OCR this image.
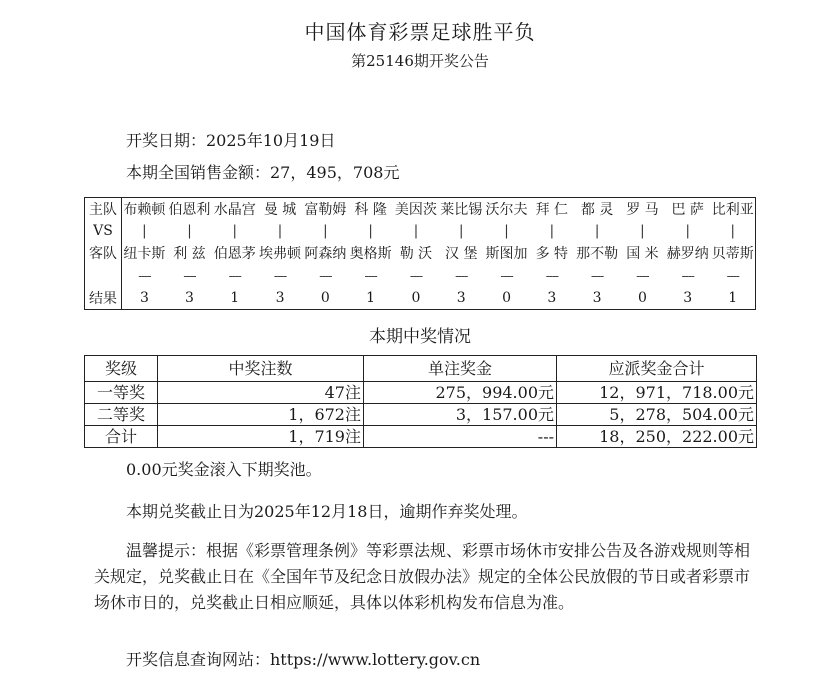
中国体育彩票足球胜平负
第25146期开奖公告
开奖日期：2025年10月19日
本期全国销售金额：27，495，708元
主队	布赖顿	伯恩利	水晶宫	曼 城	富勒姆	科 隆	美因茨	莱比锡	沃尔夫	拜 仁	都 灵	罗 马	巴 萨	比利亚
VS	|	|	|	|	|	|	|	|	|	|	|	|	|	|
客队	纽卡斯	利 兹	伯恩茅	埃弗顿	阿森纳	奥格斯	勒 沃	汉 堡	斯图加	多 特	那不勒	国 米	赫罗纳	贝蒂斯
	----	----	----	----	----	----	----	----	----	----	----	----	----	----
结果	3	3	1	3	0	1	0	3	0	3	3	0	3	1
本期中奖情况
奖级	中奖注数	单注奖金	应派奖金合计
一等奖	47注	275，994.00元	12，971，718.00元
二等奖	1，672注	3，157.00元	5，278，504.00元
合计	1，719注	---	18，250，222.00元
0.00元奖金滚入下期奖池。
本期兑奖截止日为2025年12月18日，逾期作弃奖处理。
温馨提示：根据《彩票管理条例》等彩票法规、彩票市场休市安排公告及各游戏规则等相关规定，兑奖截止日在《全国年节及纪念日放假办法》规定的全体公民放假的节日或者彩票市场休市日的，兑奖截止日相应顺延，具体以体彩机构发布信息为准。
开奖信息查询网站：https://www.lottery.gov.cn
